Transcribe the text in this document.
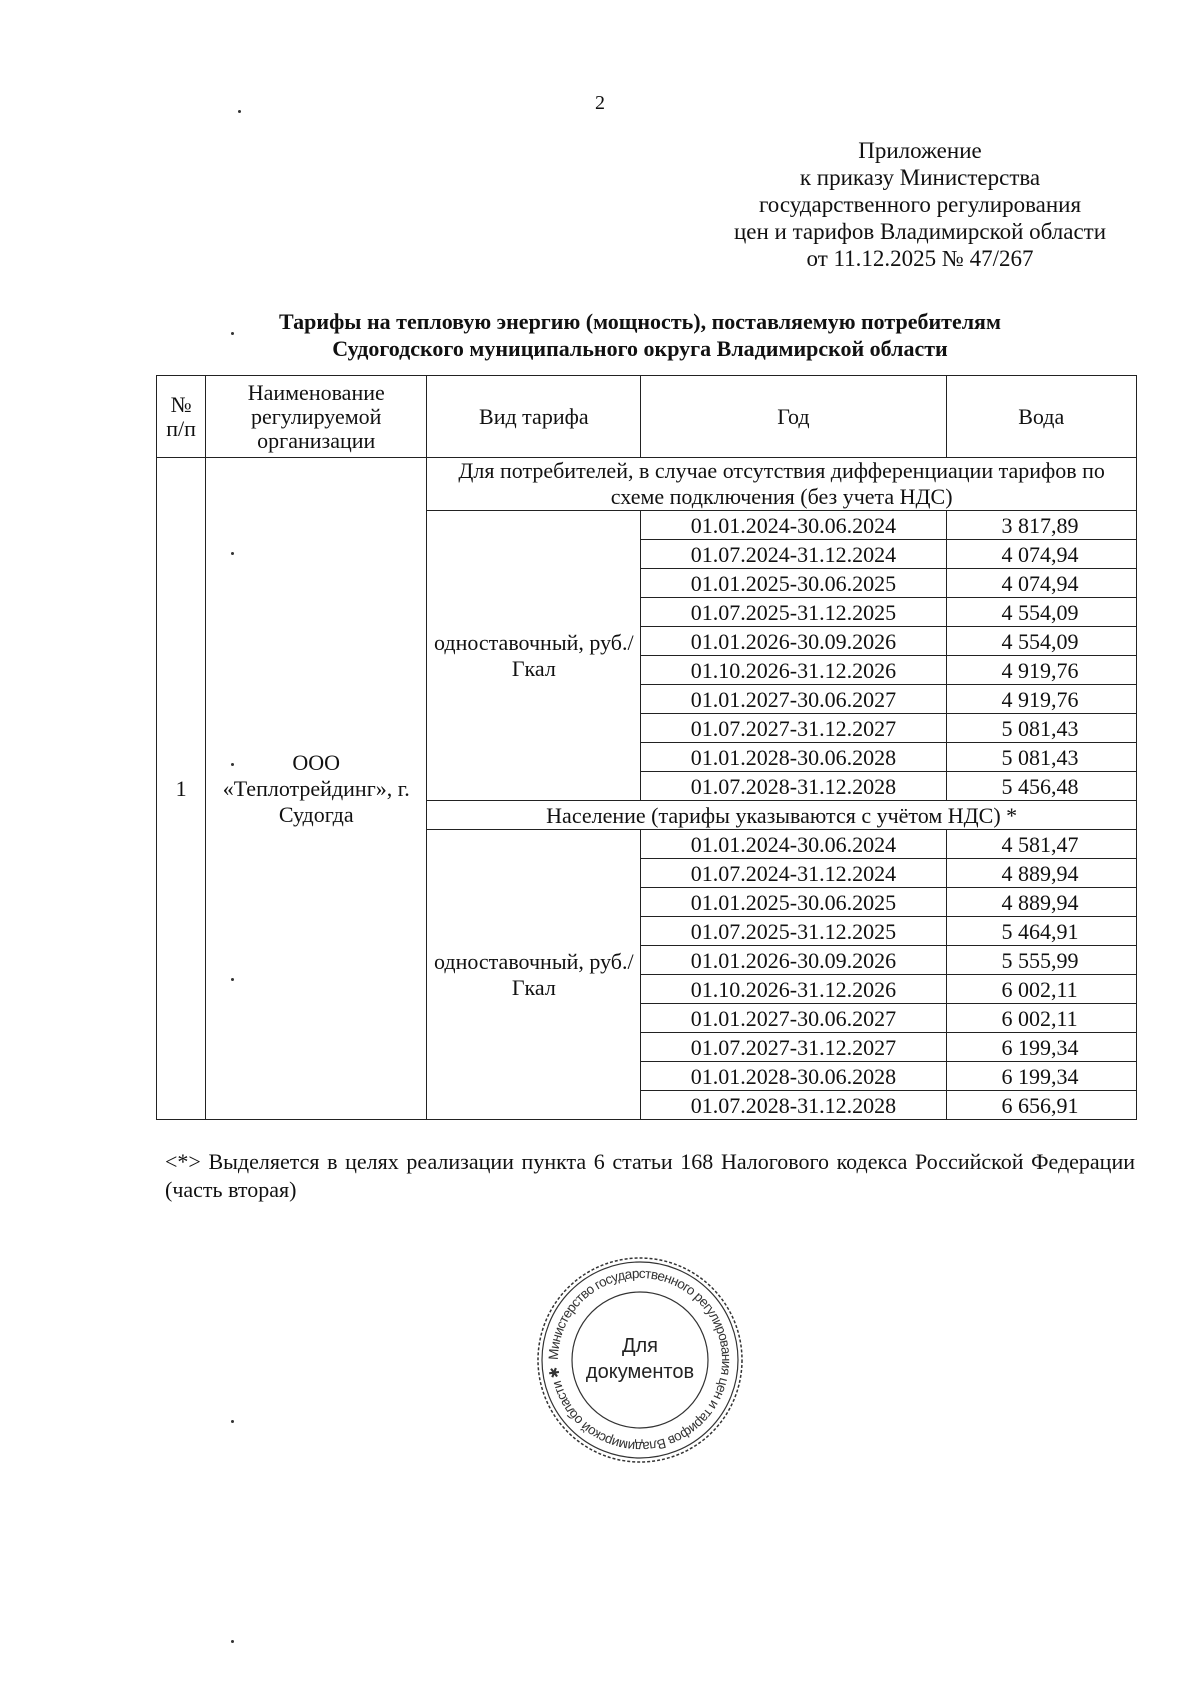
2
Приложение
к приказу Министерства
государственного регулирования
цен и тарифов Владимирской области
от 11.12.2025 № 47/267
Тарифы на тепловую энергию (мощность), поставляемую потребителям
Судогодского муниципального округа Владимирской области
№ п/п	Наименование регулируемой организации	Вид тарифа	Год	Вода
1	ООО «Теплотрейдинг», г. Судогда	Для потребителей, в случае отсутствия дифференциации тарифов по схеме подключения (без учета НДС)		
		одноставочный, руб./Гкал	01.01.2024-30.06.2024	3 817,89
			01.07.2024-31.12.2024	4 074,94
			01.01.2025-30.06.2025	4 074,94
			01.07.2025-31.12.2025	4 554,09
			01.01.2026-30.09.2026	4 554,09
			01.10.2026-31.12.2026	4 919,76
			01.01.2027-30.06.2027	4 919,76
			01.07.2027-31.12.2027	5 081,43
			01.01.2028-30.06.2028	5 081,43
			01.07.2028-31.12.2028	5 456,48
		Население (тарифы указываются с учётом НДС) *		
		одноставочный, руб./Гкал	01.01.2024-30.06.2024	4 581,47
			01.07.2024-31.12.2024	4 889,94
			01.01.2025-30.06.2025	4 889,94
			01.07.2025-31.12.2025	5 464,91
			01.01.2026-30.09.2026	5 555,99
			01.10.2026-31.12.2026	6 002,11
			01.01.2027-30.06.2027	6 002,11
			01.07.2027-31.12.2027	6 199,34
			01.01.2028-30.06.2028	6 199,34
			01.07.2028-31.12.2028	6 656,91
<*> Выделяется в целях реализации пункта 6 статьи 168 Налогового кодекса Российской Федерации (часть вторая)
Министерство государственного регулирования цен и тарифов Владимирской области ✱
Для
документов
